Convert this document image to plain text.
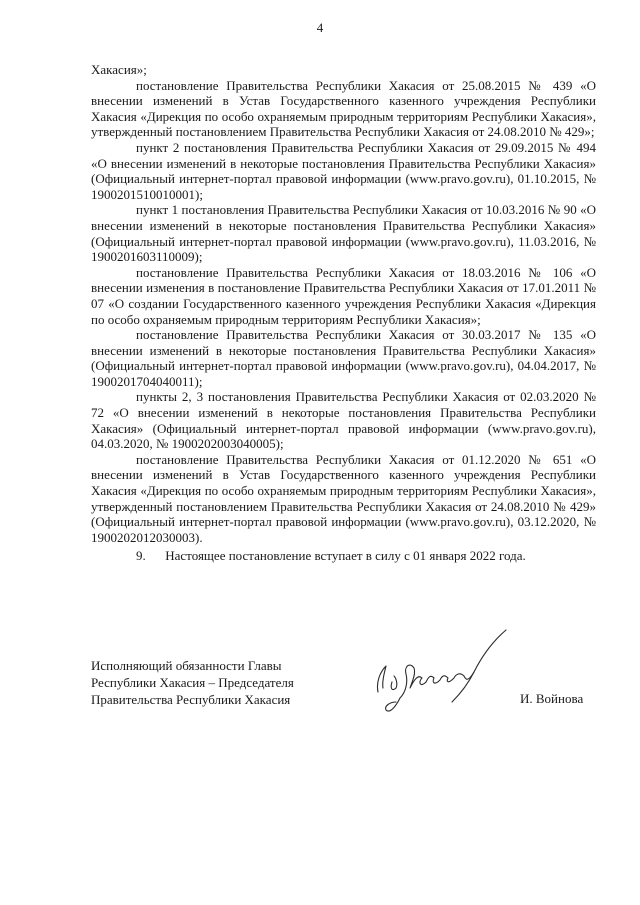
4

Хакасия»;

постановление Правительства Республики Хакасия от 25.08.2015 № 439 «О внесении изменений в Устав Государственного казенного учреждения Республики Хакасия «Дирекция по особо охраняемым природным территориям Республики Хакасия», утвержденный постановлением Правительства Республики Хакасия от 24.08.2010 № 429»;

пункт 2 постановления Правительства Республики Хакасия от 29.09.2015 № 494 «О внесении изменений в некоторые постановления Правительства Республики Хакасия» (Официальный интернет-портал правовой информации (www.pravo.gov.ru), 01.10.2015, № 1900201510010001);

пункт 1 постановления Правительства Республики Хакасия от 10.03.2016 № 90 «О внесении изменений в некоторые постановления Правительства Республики Хакасия» (Официальный интернет-портал правовой информации (www.pravo.gov.ru), 11.03.2016, № 1900201603110009);

постановление Правительства Республики Хакасия от 18.03.2016 № 106 «О внесении изменения в постановление Правительства Республики Хакасия от 17.01.2011 № 07 «О создании Государственного казенного учреждения Республики Хакасия «Дирекция по особо охраняемым природным территориям Республики Хакасия»;

постановление Правительства Республики Хакасия от 30.03.2017 № 135 «О внесении изменений в некоторые постановления Правительства Республики Хакасия» (Официальный интернет-портал правовой информации (www.pravo.gov.ru), 04.04.2017, № 1900201704040011);

пункты 2, 3 постановления Правительства Республики Хакасия от 02.03.2020 № 72 «О внесении изменений в некоторые постановления Правительства Республики Хакасия» (Официальный интернет-портал правовой информации (www.pravo.gov.ru), 04.03.2020, № 1900202003040005);

постановление Правительства Республики Хакасия от 01.12.2020 № 651 «О внесении изменений в Устав Государственного казенного учреждения Республики Хакасия «Дирекция по особо охраняемым природным территориям Республики Хакасия», утвержденный постановлением Правительства Республики Хакасия от 24.08.2010 № 429» (Официальный интернет-портал правовой информации (www.pravo.gov.ru), 03.12.2020, № 1900202012030003).

9.      Настоящее постановление вступает в силу с 01 января 2022 года.

Исполняющий обязанности Главы
Республики Хакасия – Председателя
Правительства Республики Хакасия	И. Войнова
